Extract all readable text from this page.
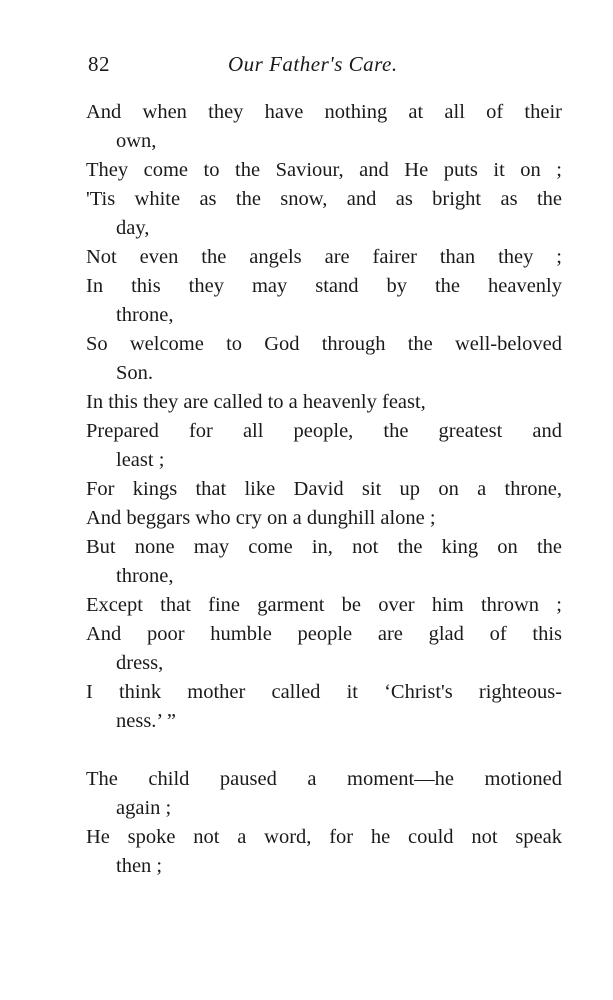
82	Our Father's Care.
And when they have nothing at all of their
own,
They come to the Saviour, and He puts it on ;
'Tis white as the snow, and as bright as the
day,
Not even the angels are fairer than they ;
In this they may stand by the heavenly
throne,
So welcome to God through the well-beloved
Son.
In this they are called to a heavenly feast,
Prepared for all people, the greatest and
least ;
For kings that like David sit up on a throne,
And beggars who cry on a dunghill alone ;
But none may come in, not the king on the
throne,
Except that fine garment be over him thrown ;
And poor humble people are glad of this
dress,
I think mother called it ‘Christ's righteous-
ness.’ ”
The child paused a moment—he motioned
again ;
He spoke not a word, for he could not speak
then ;
